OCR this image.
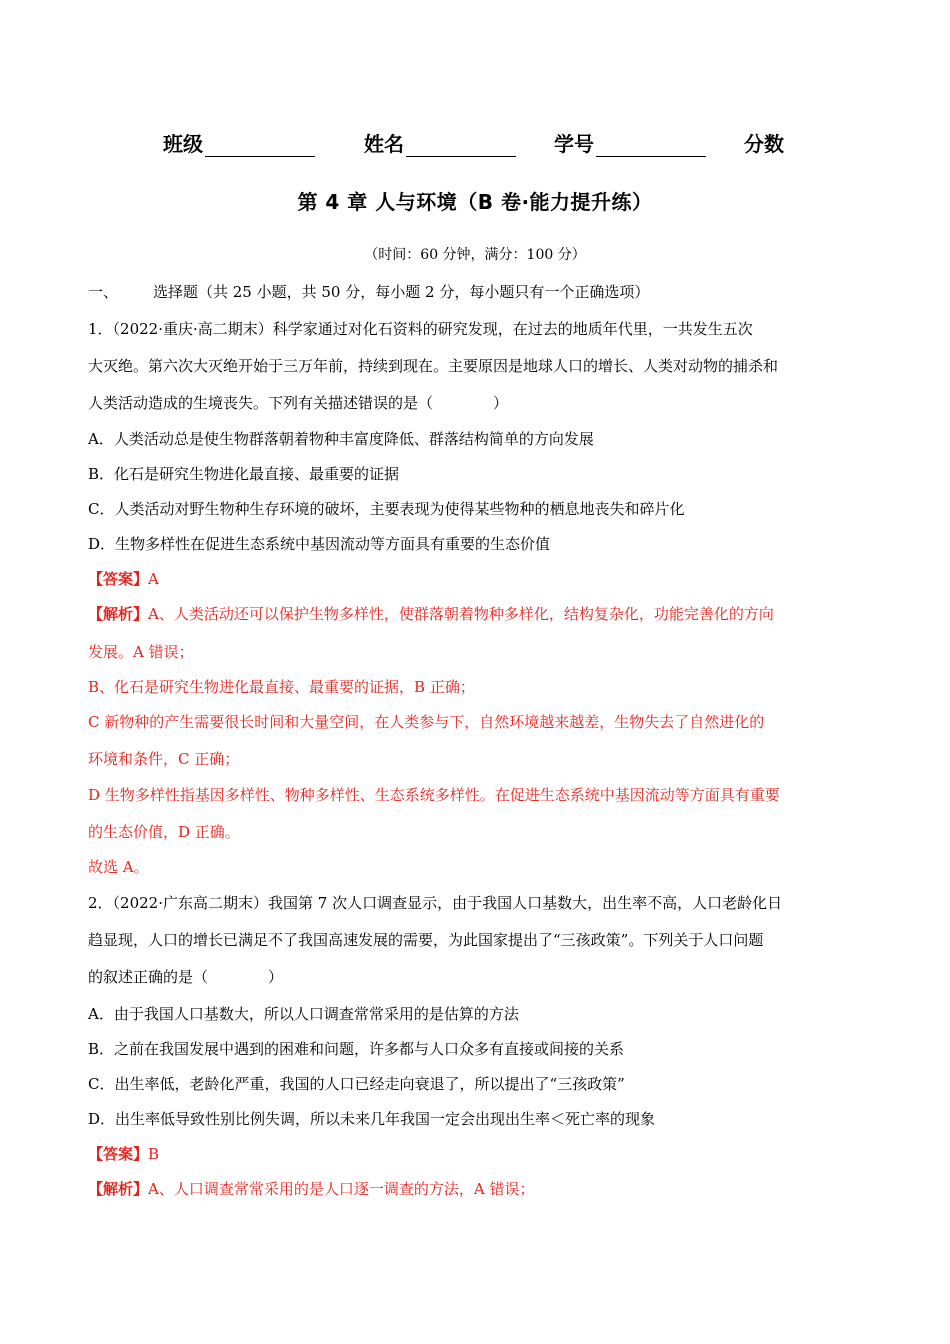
班级	姓名	学号	分数
第 4 章 人与环境（B 卷·能力提升练）
（时间：60 分钟，满分：100 分）
一、 选择题（共 25 小题，共 50 分，每小题 2 分，每小题只有一个正确选项）
1．（2022·重庆·高二期末）科学家通过对化石资料的研究发现，在过去的地质年代里，一共发生五次
大灭绝。第六次大灭绝开始于三万年前，持续到现在。主要原因是地球人口的增长、人类对动物的捕杀和
人类活动造成的生境丧失。下列有关描述错误的是（　　　　）
A．人类活动总是使生物群落朝着物种丰富度降低、群落结构简单的方向发展
B．化石是研究生物进化最直接、最重要的证据
C．人类活动对野生物种生存环境的破坏，主要表现为使得某些物种的栖息地丧失和碎片化
D．生物多样性在促进生态系统中基因流动等方面具有重要的生态价值
【答案】A
【解析】A、人类活动还可以保护生物多样性，使群落朝着物种多样化，结构复杂化，功能完善化的方向
发展。A 错误；
B、化石是研究生物进化最直接、最重要的证据，B 正确；
C 新物种的产生需要很长时间和大量空间，在人类参与下，自然环境越来越差，生物失去了自然进化的
环境和条件，C 正确；
D 生物多样性指基因多样性、物种多样性、生态系统多样性。在促进生态系统中基因流动等方面具有重要
的生态价值，D 正确。
故选 A。
2．（2022·广东高二期末）我国第 7 次人口调查显示，由于我国人口基数大，出生率不高，人口老龄化日
趋显现，人口的增长已满足不了我国高速发展的需要，为此国家提出了“三孩政策”。下列关于人口问题
的叙述正确的是（　　　　）
A．由于我国人口基数大，所以人口调查常常采用的是估算的方法
B．之前在我国发展中遇到的困难和问题，许多都与人口众多有直接或间接的关系
C．出生率低，老龄化严重，我国的人口已经走向衰退了，所以提出了“三孩政策”
D．出生率低导致性别比例失调，所以未来几年我国一定会出现出生率＜死亡率的现象
【答案】B
【解析】A、人口调查常常采用的是人口逐一调查的方法，A 错误；
